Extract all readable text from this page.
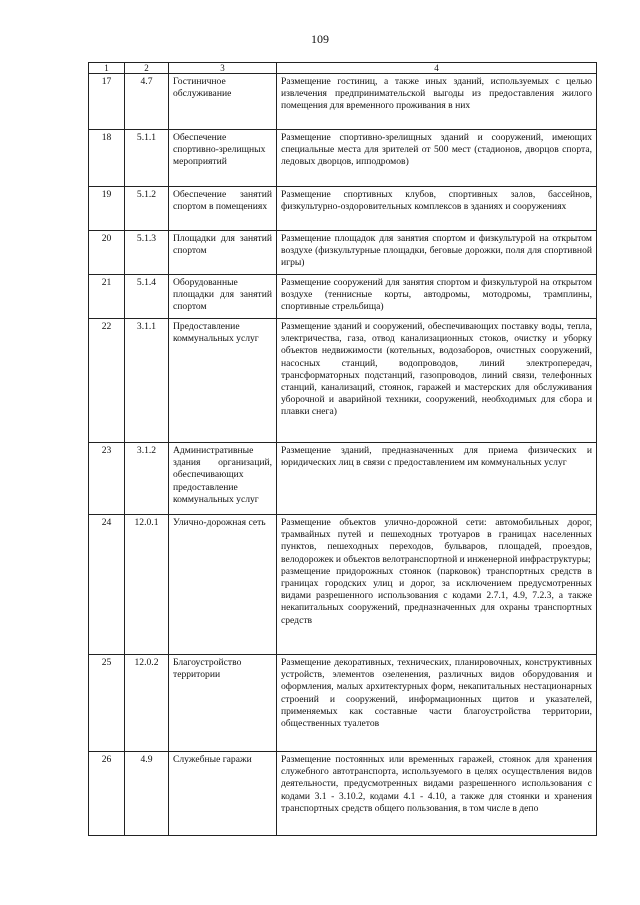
109
1	2	3	4
17	4.7	Гостиничное обслуживание	Размещение гостиниц, а также иных зданий, используемых с целью извлечения предпринимательской выгоды из предоставления жилого помещения для временного проживания в них
18	5.1.1	Обеспечение спортивно-зрелищных мероприятий	Размещение спортивно-зрелищных зданий и сооружений, имеющих специальные места для зрителей от 500 мест (стадионов, дворцов спорта, ледовых дворцов, ипподромов)
19	5.1.2	Обеспечение занятий спортом в помещениях	Размещение спортивных клубов, спортивных залов, бассейнов, физкультурно-оздоровительных комплексов в зданиях и сооружениях
20	5.1.3	Площадки для занятий спортом	Размещение площадок для занятия спортом и физкультурой на открытом воздухе (физкультурные площадки, беговые дорожки, поля для спортивной игры)
21	5.1.4	Оборудованные площадки для занятий спортом	Размещение сооружений для занятия спортом и физкультурой на открытом воздухе (теннисные корты, автодромы, мотодромы, трамплины, спортивные стрельбища)
22	3.1.1	Предоставление коммунальных услуг	Размещение зданий и сооружений, обеспечивающих поставку воды, тепла, электричества, газа, отвод канализационных стоков, очистку и уборку объектов недвижимости (котельных, водозаборов, очистных сооружений, насосных станций, водопроводов, линий электропередач, трансформаторных подстанций, газопроводов, линий связи, телефонных станций, канализаций, стоянок, гаражей и мастерских для обслуживания уборочной и аварийной техники, сооружений, необходимых для сбора и плавки снега)
23	3.1.2	Административные здания организаций, обеспечивающих предоставление коммунальных услуг	Размещение зданий, предназначенных для приема физических и юридических лиц в связи с предоставлением им коммунальных услуг
24	12.0.1	Улично-дорожная сеть	Размещение объектов улично-дорожной сети: автомобильных дорог, трамвайных путей и пешеходных тротуаров в границах населенных пунктов, пешеходных переходов, бульваров, площадей, проездов, велодорожек и объектов велотранспортной и инженерной инфраструктуры;
размещение придорожных стоянок (парковок) транспортных средств в границах городских улиц и дорог, за исключением предусмотренных видами разрешенного использования с кодами 2.7.1, 4.9, 7.2.3, а также некапитальных сооружений, предназначенных для охраны транспортных средств

25	12.0.2	Благоустройство территории	Размещение декоративных, технических, планировочных, конструктивных устройств, элементов озеленения, различных видов оборудования и оформления, малых архитектурных форм, некапитальных нестационарных строений и сооружений, информационных щитов и указателей, применяемых как составные части благоустройства территории, общественных туалетов
26	4.9	Служебные гаражи	Размещение постоянных или временных гаражей, стоянок для хранения служебного автотранспорта, используемого в целях осуществления видов деятельности, предусмотренных видами разрешенного использования с кодами 3.1 - 3.10.2, кодами 4.1 - 4.10, а также для стоянки и хранения транспортных средств общего пользования, в том числе в депо
